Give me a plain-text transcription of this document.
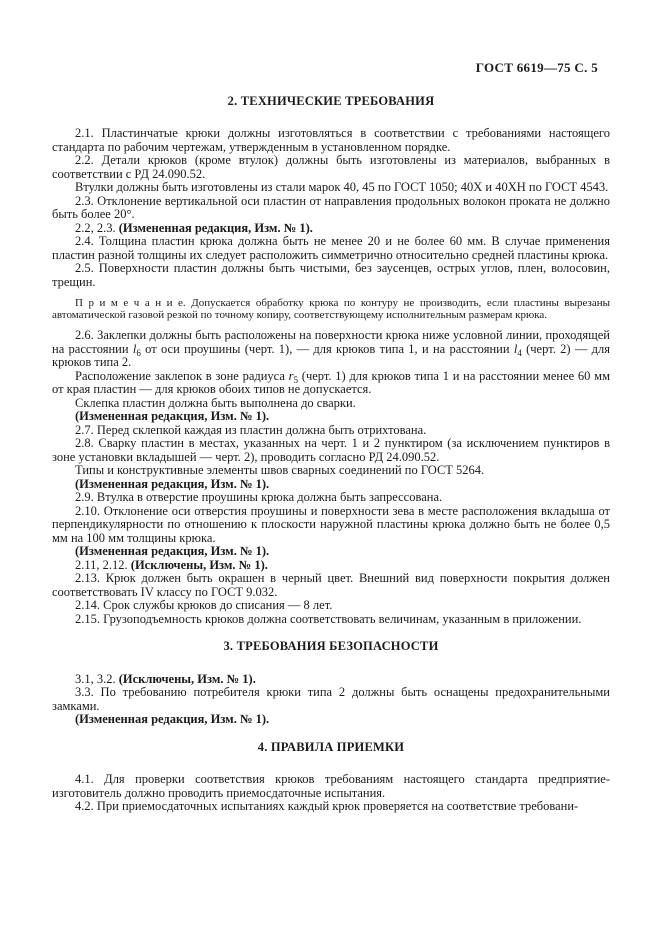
ГОСТ 6619—75 С. 5
2. ТЕХНИЧЕСКИЕ ТРЕБОВАНИЯ

2.1. Пластинчатые крюки должны изготовляться в соответствии с требованиями настоящего стандарта по рабочим чертежам, утвержденным в установленном порядке.

2.2. Детали крюков (кроме втулок) должны быть изготовлены из материалов, выбранных в соответствии с РД 24.090.52.

Втулки должны быть изготовлены из стали марок 40, 45 по ГОСТ 1050; 40Х и 40ХН по ГОСТ 4543.

2.3. Отклонение вертикальной оси пластин от направления продольных волокон проката не должно быть более 20°.

2.2, 2.3. (Измененная редакция, Изм. № 1).

2.4. Толщина пластин крюка должна быть не менее 20 и не более 60 мм. В случае применения пластин разной толщины их следует расположить симметрично относительно средней пластины крюка.

2.5. Поверхности пластин должны быть чистыми, без заусенцев, острых углов, плен, волосовин, трещин.

П р и м е ч а н и е. Допускается обработку крюка по контуру не производить, если пластины вырезаны автоматической газовой резкой по точному копиру, соответствующему исполнительным размерам крюка.

2.6. Заклепки должны быть расположены на поверхности крюка ниже условной линии, проходящей на расстоянии $l_6$ от оси проушины (черт. 1), — для крюков типа 1, и на расстоянии $l_4$ (черт. 2) — для крюков типа 2.

Расположение заклепок в зоне радиуса $r_5$ (черт. 1) для крюков типа 1 и на расстоянии менее 60 мм от края пластин — для крюков обоих типов не допускается.

Склепка пластин должна быть выполнена до сварки.

(Измененная редакция, Изм. № 1).

2.7. Перед склепкой каждая из пластин должна быть отрихтована.

2.8. Сварку пластин в местах, указанных на черт. 1 и 2 пунктиром (за исключением пунктиров в зоне установки вкладышей — черт. 2), проводить согласно РД 24.090.52.

Типы и конструктивные элементы швов сварных соединений по ГОСТ 5264.

(Измененная редакция, Изм. № 1).

2.9. Втулка в отверстие проушины крюка должна быть запрессована.

2.10. Отклонение оси отверстия проушины и поверхности зева в месте расположения вкладыша от перпендикулярности по отношению к плоскости наружной пластины крюка должно быть не более 0,5 мм на 100 мм толщины крюка.

(Измененная редакция, Изм. № 1).

2.11, 2.12. (Исключены, Изм. № 1).

2.13. Крюк должен быть окрашен в черный цвет. Внешний вид поверхности покрытия должен соответствовать IV классу по ГОСТ 9.032.

2.14. Срок службы крюков до списания — 8 лет.

2.15. Грузоподъемность крюков должна соответствовать величинам, указанным в приложении.

3. ТРЕБОВАНИЯ БЕЗОПАСНОСТИ

3.1, 3.2. (Исключены, Изм. № 1).

3.3. По требованию потребителя крюки типа 2 должны быть оснащены предохранительными замками.

(Измененная редакция, Изм. № 1).

4. ПРАВИЛА ПРИЕМКИ

4.1. Для проверки соответствия крюков требованиям настоящего стандарта предприятие-изготовитель должно проводить приемосдаточные испытания.

4.2. При приемосдаточных испытаниях каждый крюк проверяется на соответствие требовани-
